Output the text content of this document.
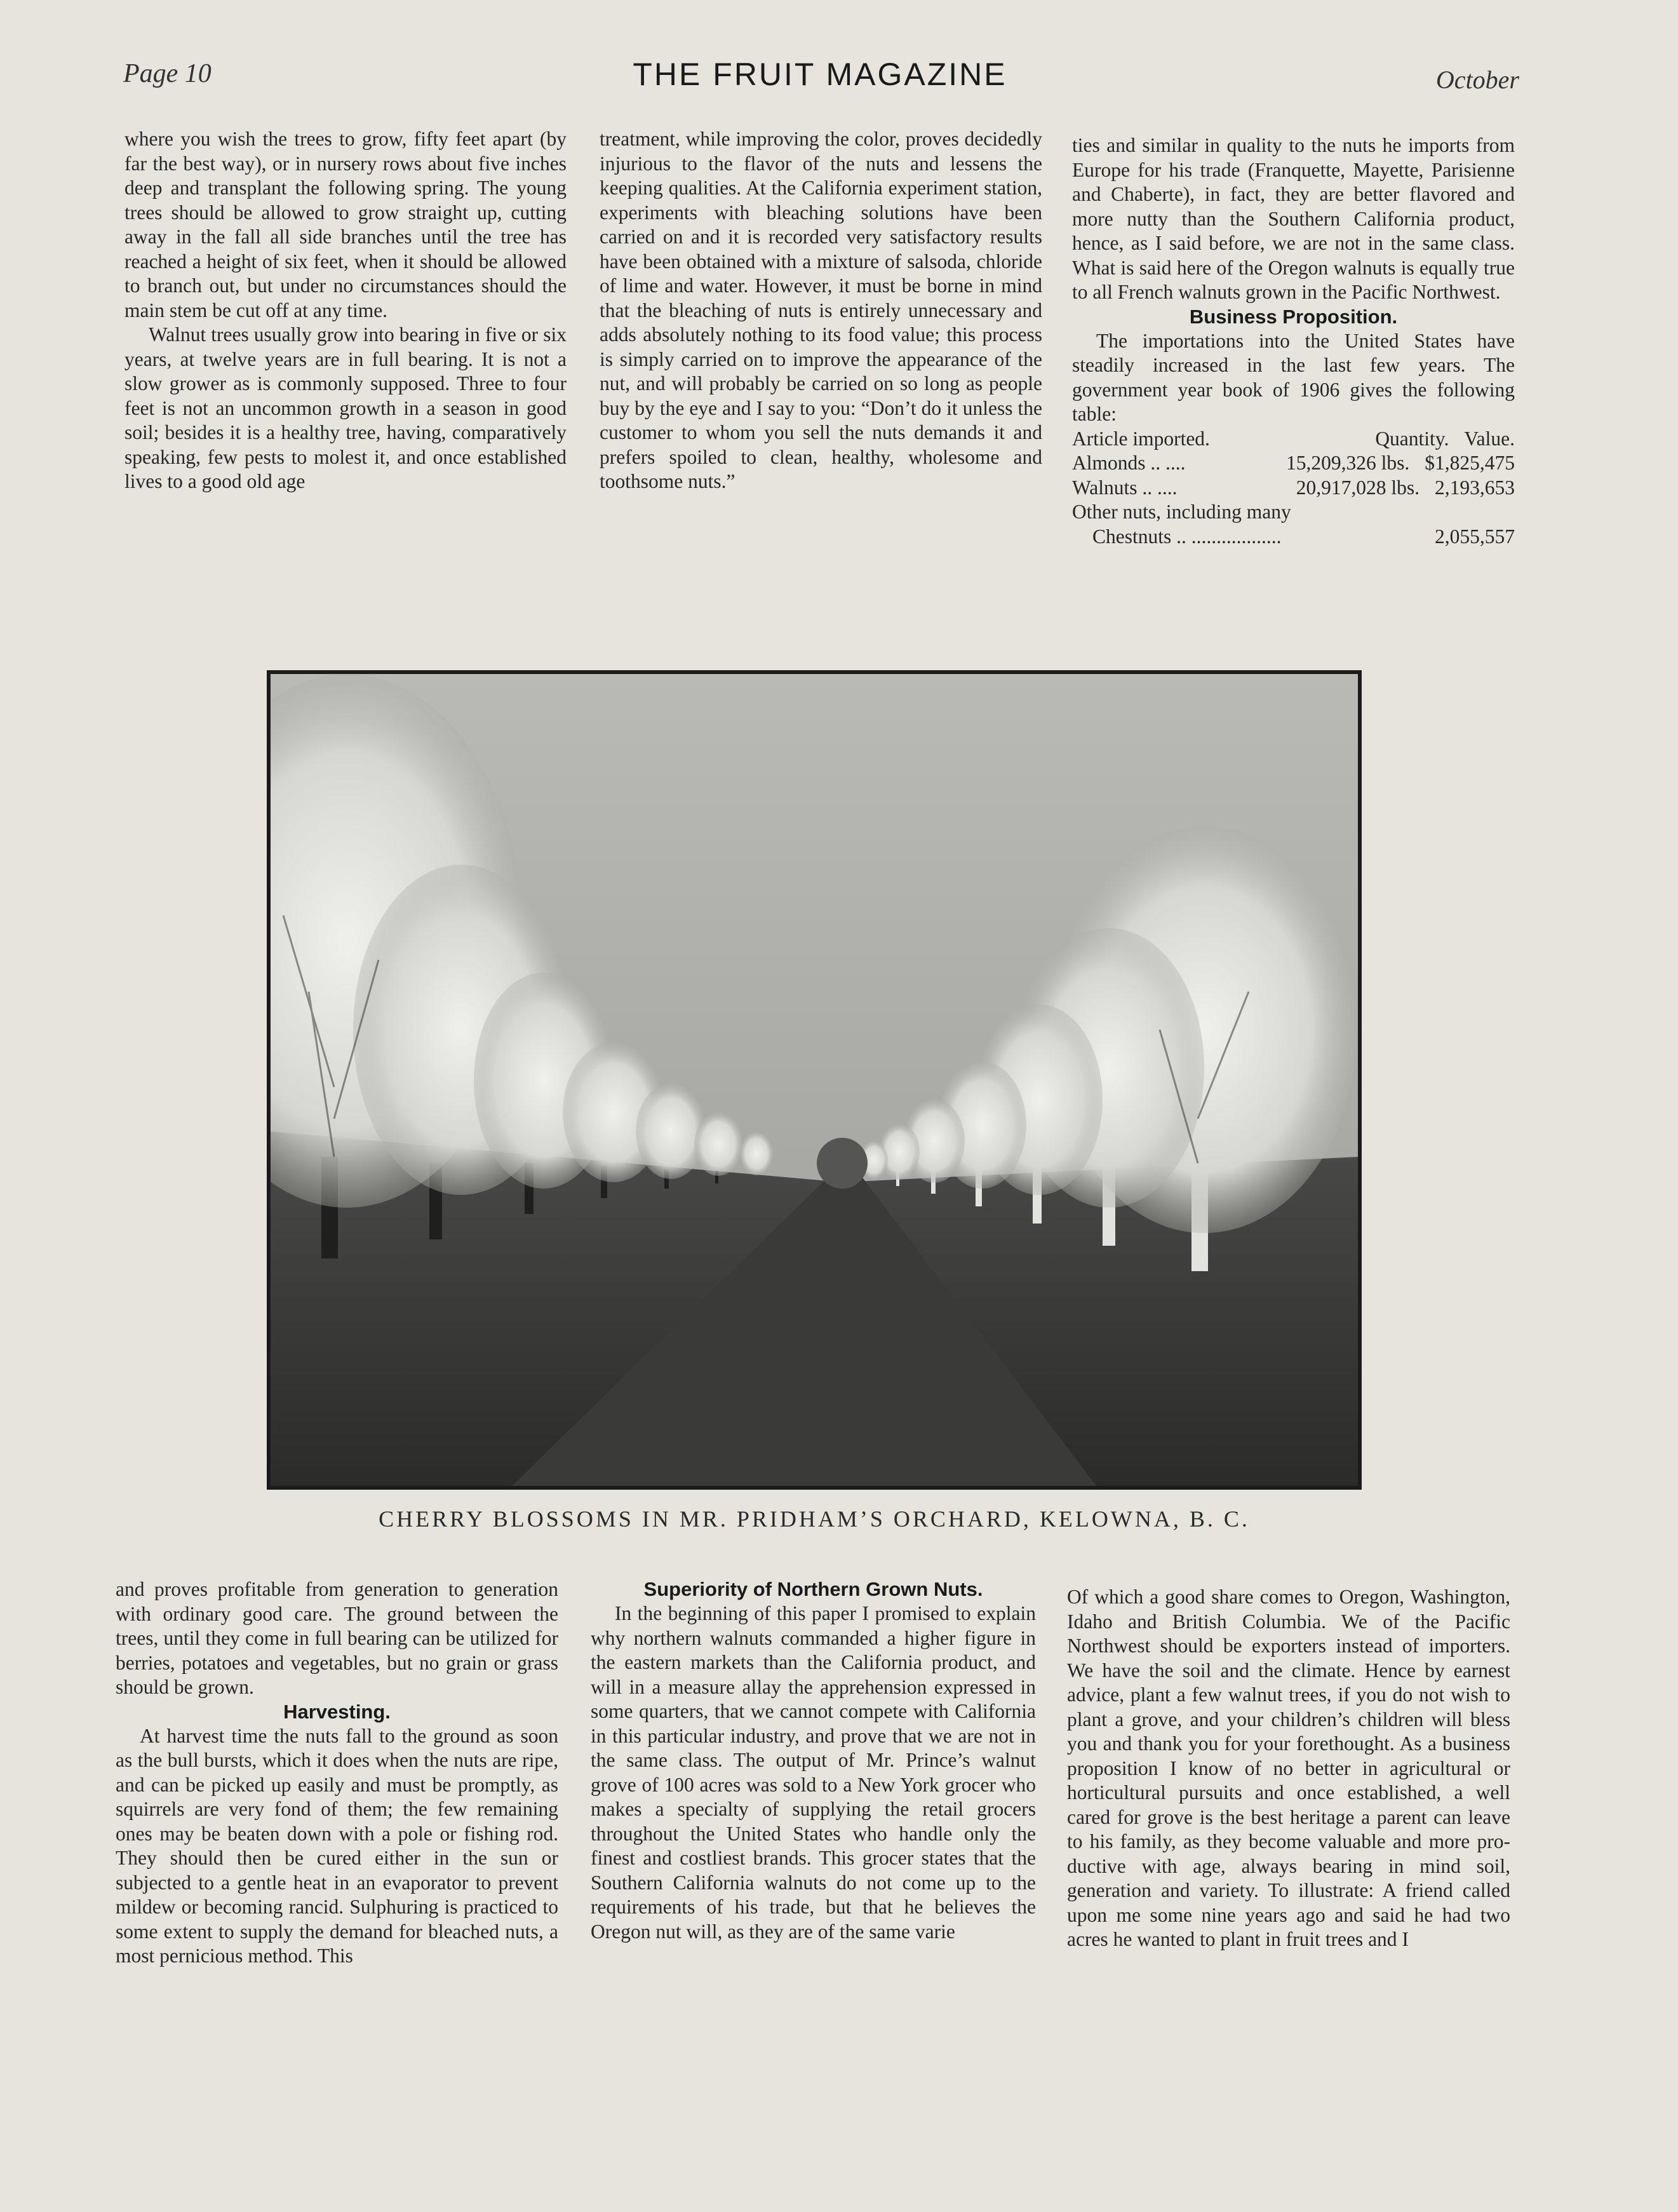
Page 10	THE FRUIT MAGAZINE	October

where you wish the trees to grow, fifty feet apart (by far the best way), or in nursery rows about five inches deep and transplant the following spring. The young trees should be allowed to grow straight up, cutting away in the fall all side branches until the tree has reached a height of six feet, when it should be allowed to branch out, but under no circumstances should the main stem be cut off at any time.

Walnut trees usually grow into bearing in five or six years, at twelve years are in full bearing. It is not a slow grower as is commonly supposed. Three to four feet is not an uncommon growth in a season in good soil; besides it is a healthy tree, having, comparatively speaking, few pests to molest it, and once established lives to a good old age

treatment, while improving the color, proves decidedly injurious to the flavor of the nuts and lessens the keeping qualities. At the California experiment station, experiments with bleaching solutions have been carried on and it is recorded very satisfactory results have been obtained with a mixture of salsoda, chloride of lime and water. However, it must be borne in mind that the bleaching of nuts is entirely unnecessary and adds absolutely nothing to its food value; this process is simply carried on to improve the appearance of the nut, and will probably be carried on so long as people buy by the eye and I say to you: “Don’t do it unless the customer to whom you sell the nuts demands it and prefers spoiled to clean, healthy, wholesome and toothsome nuts.”

ties and similar in quality to the nuts he imports from Europe for his trade (Franquette, Mayette, Parisienne and Chaberte), in fact, they are better flavored and more nutty than the Southern California product, hence, as I said before, we are not in the same class. What is said here of the Oregon walnuts is equally true to all French walnuts grown in the Pacific Northwest.

Business Proposition.

The importations into the United States have steadily increased in the last few years. The government year book of 1906 gives the following table:

Article imported.	Quantity. Value.
Almonds .. ....	15,209,326 lbs. $1,825,475
Walnuts .. ....	20,917,028 lbs. 2,193,653
Other nuts, including many
Chestnuts .. ..................	2,055,557
CHERRY BLOSSOMS IN MR. PRIDHAM’S ORCHARD, KELOWNA, B. C.

and proves profitable from generation to generation with ordinary good care. The ground between the trees, until they come in full bearing can be utilized for berries, potatoes and vegetables, but no grain or grass should be grown.

Harvesting.

At harvest time the nuts fall to the ground as soon as the bull bursts, which it does when the nuts are ripe, and can be picked up easily and must be promptly, as squirrels are very fond of them; the few remaining ones may be beaten down with a pole or fishing rod. They should then be cured either in the sun or subjected to a gentle heat in an evaporator to prevent mildew or becoming rancid. Sulphuring is practiced to some extent to supply the demand for bleached nuts, a most pernicious method. This

Superiority of Northern Grown Nuts.

In the beginning of this paper I promised to explain why northern walnuts commanded a higher figure in the eastern markets than the California product, and will in a measure allay the apprehension expressed in some quarters, that we cannot compete with California in this particular industry, and prove that we are not in the same class. The output of Mr. Prince’s walnut grove of 100 acres was sold to a New York grocer who makes a specialty of supplying the retail grocers throughout the United States who handle only the finest and costliest brands. This grocer states that the Southern California walnuts do not come up to the requirements of his trade, but that he believes the Oregon nut will, as they are of the same varie

Of which a good share comes to Oregon, Washington, Idaho and British Columbia. We of the Pacific Northwest should be exporters instead of importers. We have the soil and the climate. Hence by earnest advice, plant a few walnut trees, if you do not wish to plant a grove, and your children’s children will bless you and thank you for your forethought. As a business proposition I know of no better in agricultural or horticultural pursuits and once established, a well cared for grove is the best heritage a parent can leave to his family, as they become valuable and more productive with age, always bearing in mind soil, generation and variety. To illustrate: A friend called upon me some nine years ago and said he had two acres he wanted to plant in fruit trees and I
